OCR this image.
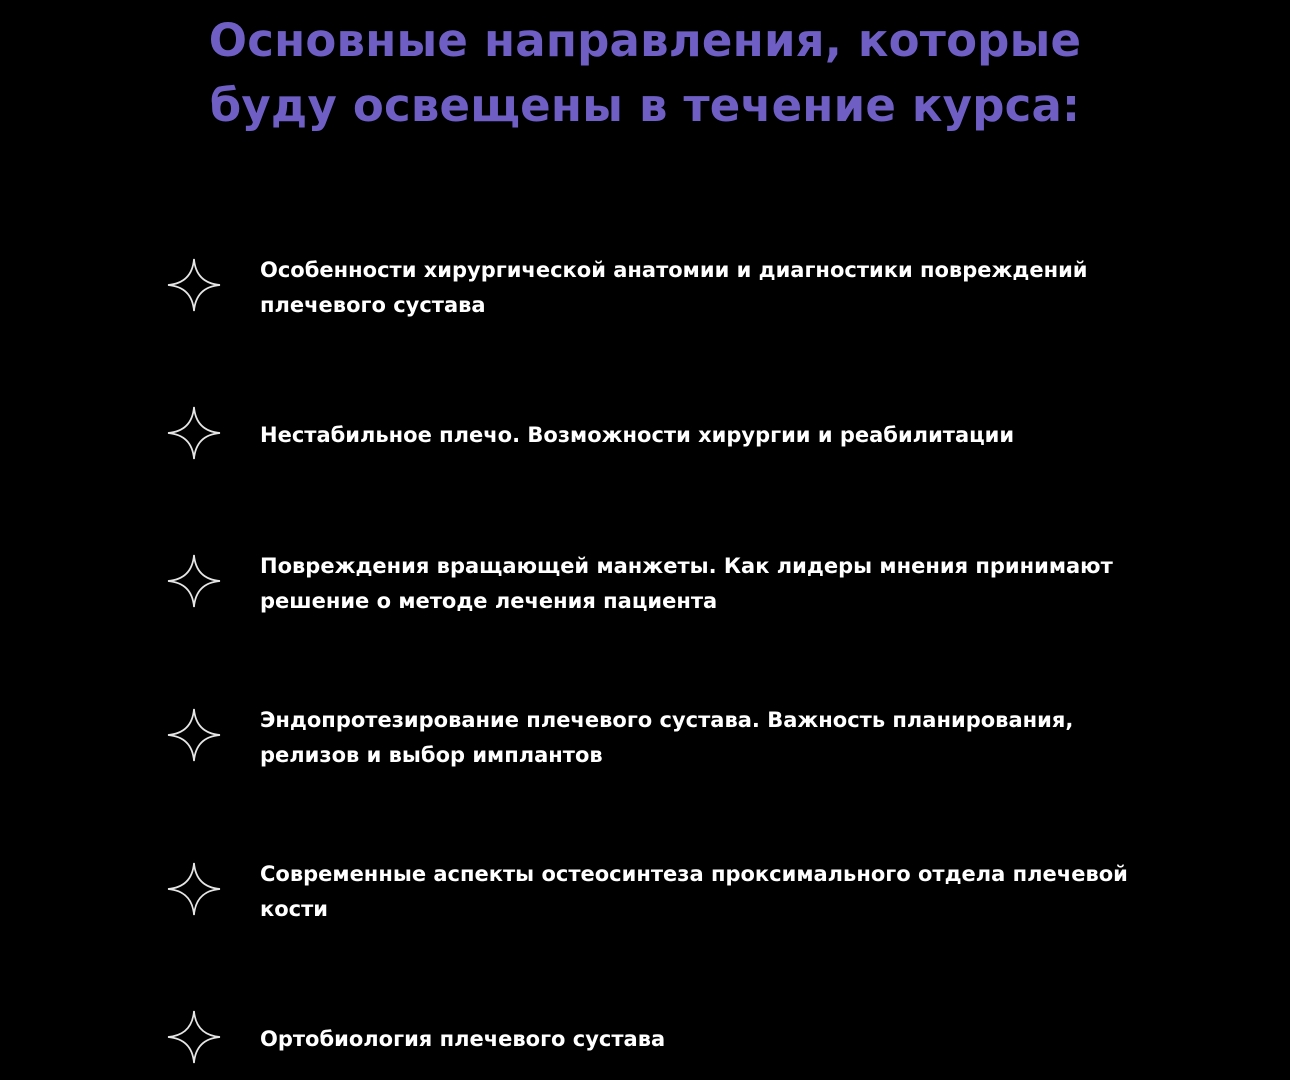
Основные направления, которые
буду освещены в течение курса:

Особенности хирургической анатомии и диагностики повреждений плечевого сустава

Нестабильное плечо. Возможности хирургии и реабилитации

Повреждения вращающей манжеты. Как лидеры мнения принимают решение о методе лечения пациента

Эндопротезирование плечевого сустава. Важность планирования, релизов и выбор имплантов

Современные аспекты остеосинтеза проксимального отдела плечевой кости

Ортобиология плечевого сустава
